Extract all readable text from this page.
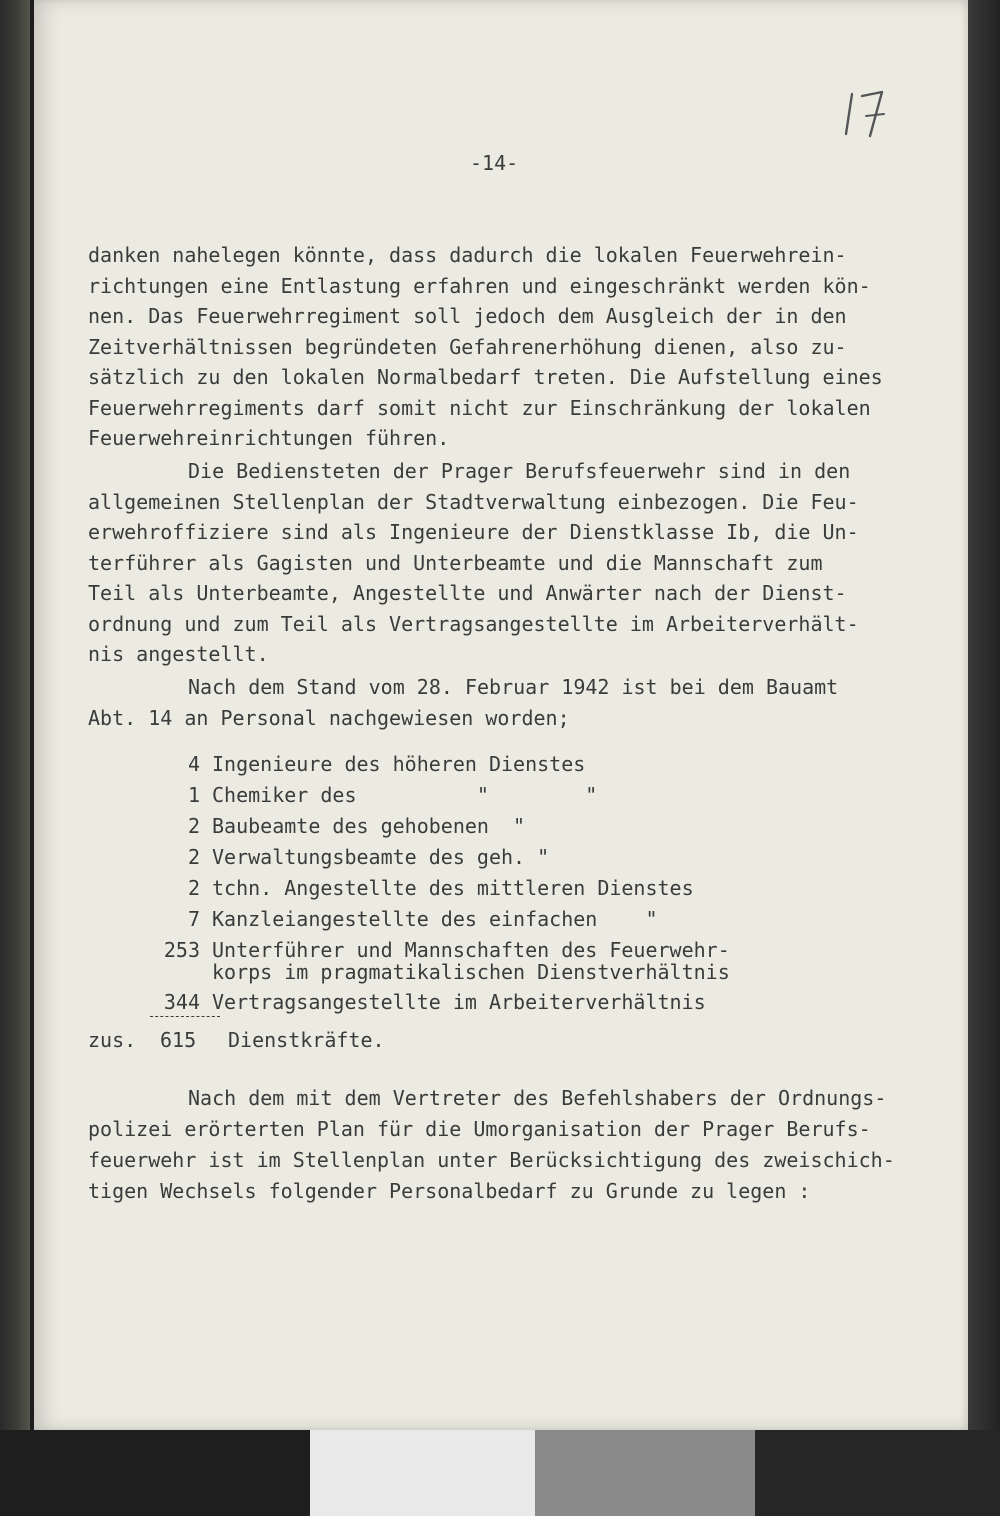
-14-
danken nahelegen könnte, dass dadurch die lokalen Feuerwehrein-
richtungen eine Entlastung erfahren und eingeschränkt werden kön-
nen. Das Feuerwehrregiment soll jedoch dem Ausgleich der in den
Zeitverhältnissen begründeten Gefahrenerhöhung dienen, also zu-
sätzlich zu den lokalen Normalbedarf treten. Die Aufstellung eines
Feuerwehrregiments darf somit nicht zur Einschränkung der lokalen
Feuerwehreinrichtungen führen.
Die Bediensteten der Prager Berufsfeuerwehr sind in den
allgemeinen Stellenplan der Stadtverwaltung einbezogen. Die Feu-
erwehroffiziere sind als Ingenieure der Dienstklasse Ib, die Un-
terführer als Gagisten und Unterbeamte und die Mannschaft zum
Teil als Unterbeamte, Angestellte und Anwärter nach der Dienst-
ordnung und zum Teil als Vertragsangestellte im Arbeiterverhält-
nis angestellt.
Nach dem Stand vom 28. Februar 1942 ist bei dem Bauamt
Abt. 14 an Personal nachgewiesen worden;
4 Ingenieure des höheren Dienstes
1 Chemiker des          "        "
2 Baubeamte des gehobenen  "
2 Verwaltungsbeamte des geh. "
2 tchn. Angestellte des mittleren Dienstes
7 Kanzleiangestellte des einfachen    "
253 Unterführer und Mannschaften des Feuerwehr-
korps im pragmatikalischen Dienstverhältnis
344 Vertragsangestellte im Arbeiterverhältnis
zus. 615 Dienstkräfte.
Nach dem mit dem Vertreter des Befehlshabers der Ordnungs-
polizei erörterten Plan für die Umorganisation der Prager Berufs-
feuerwehr ist im Stellenplan unter Berücksichtigung des zweischich-
tigen Wechsels folgender Personalbedarf zu Grunde zu legen :
